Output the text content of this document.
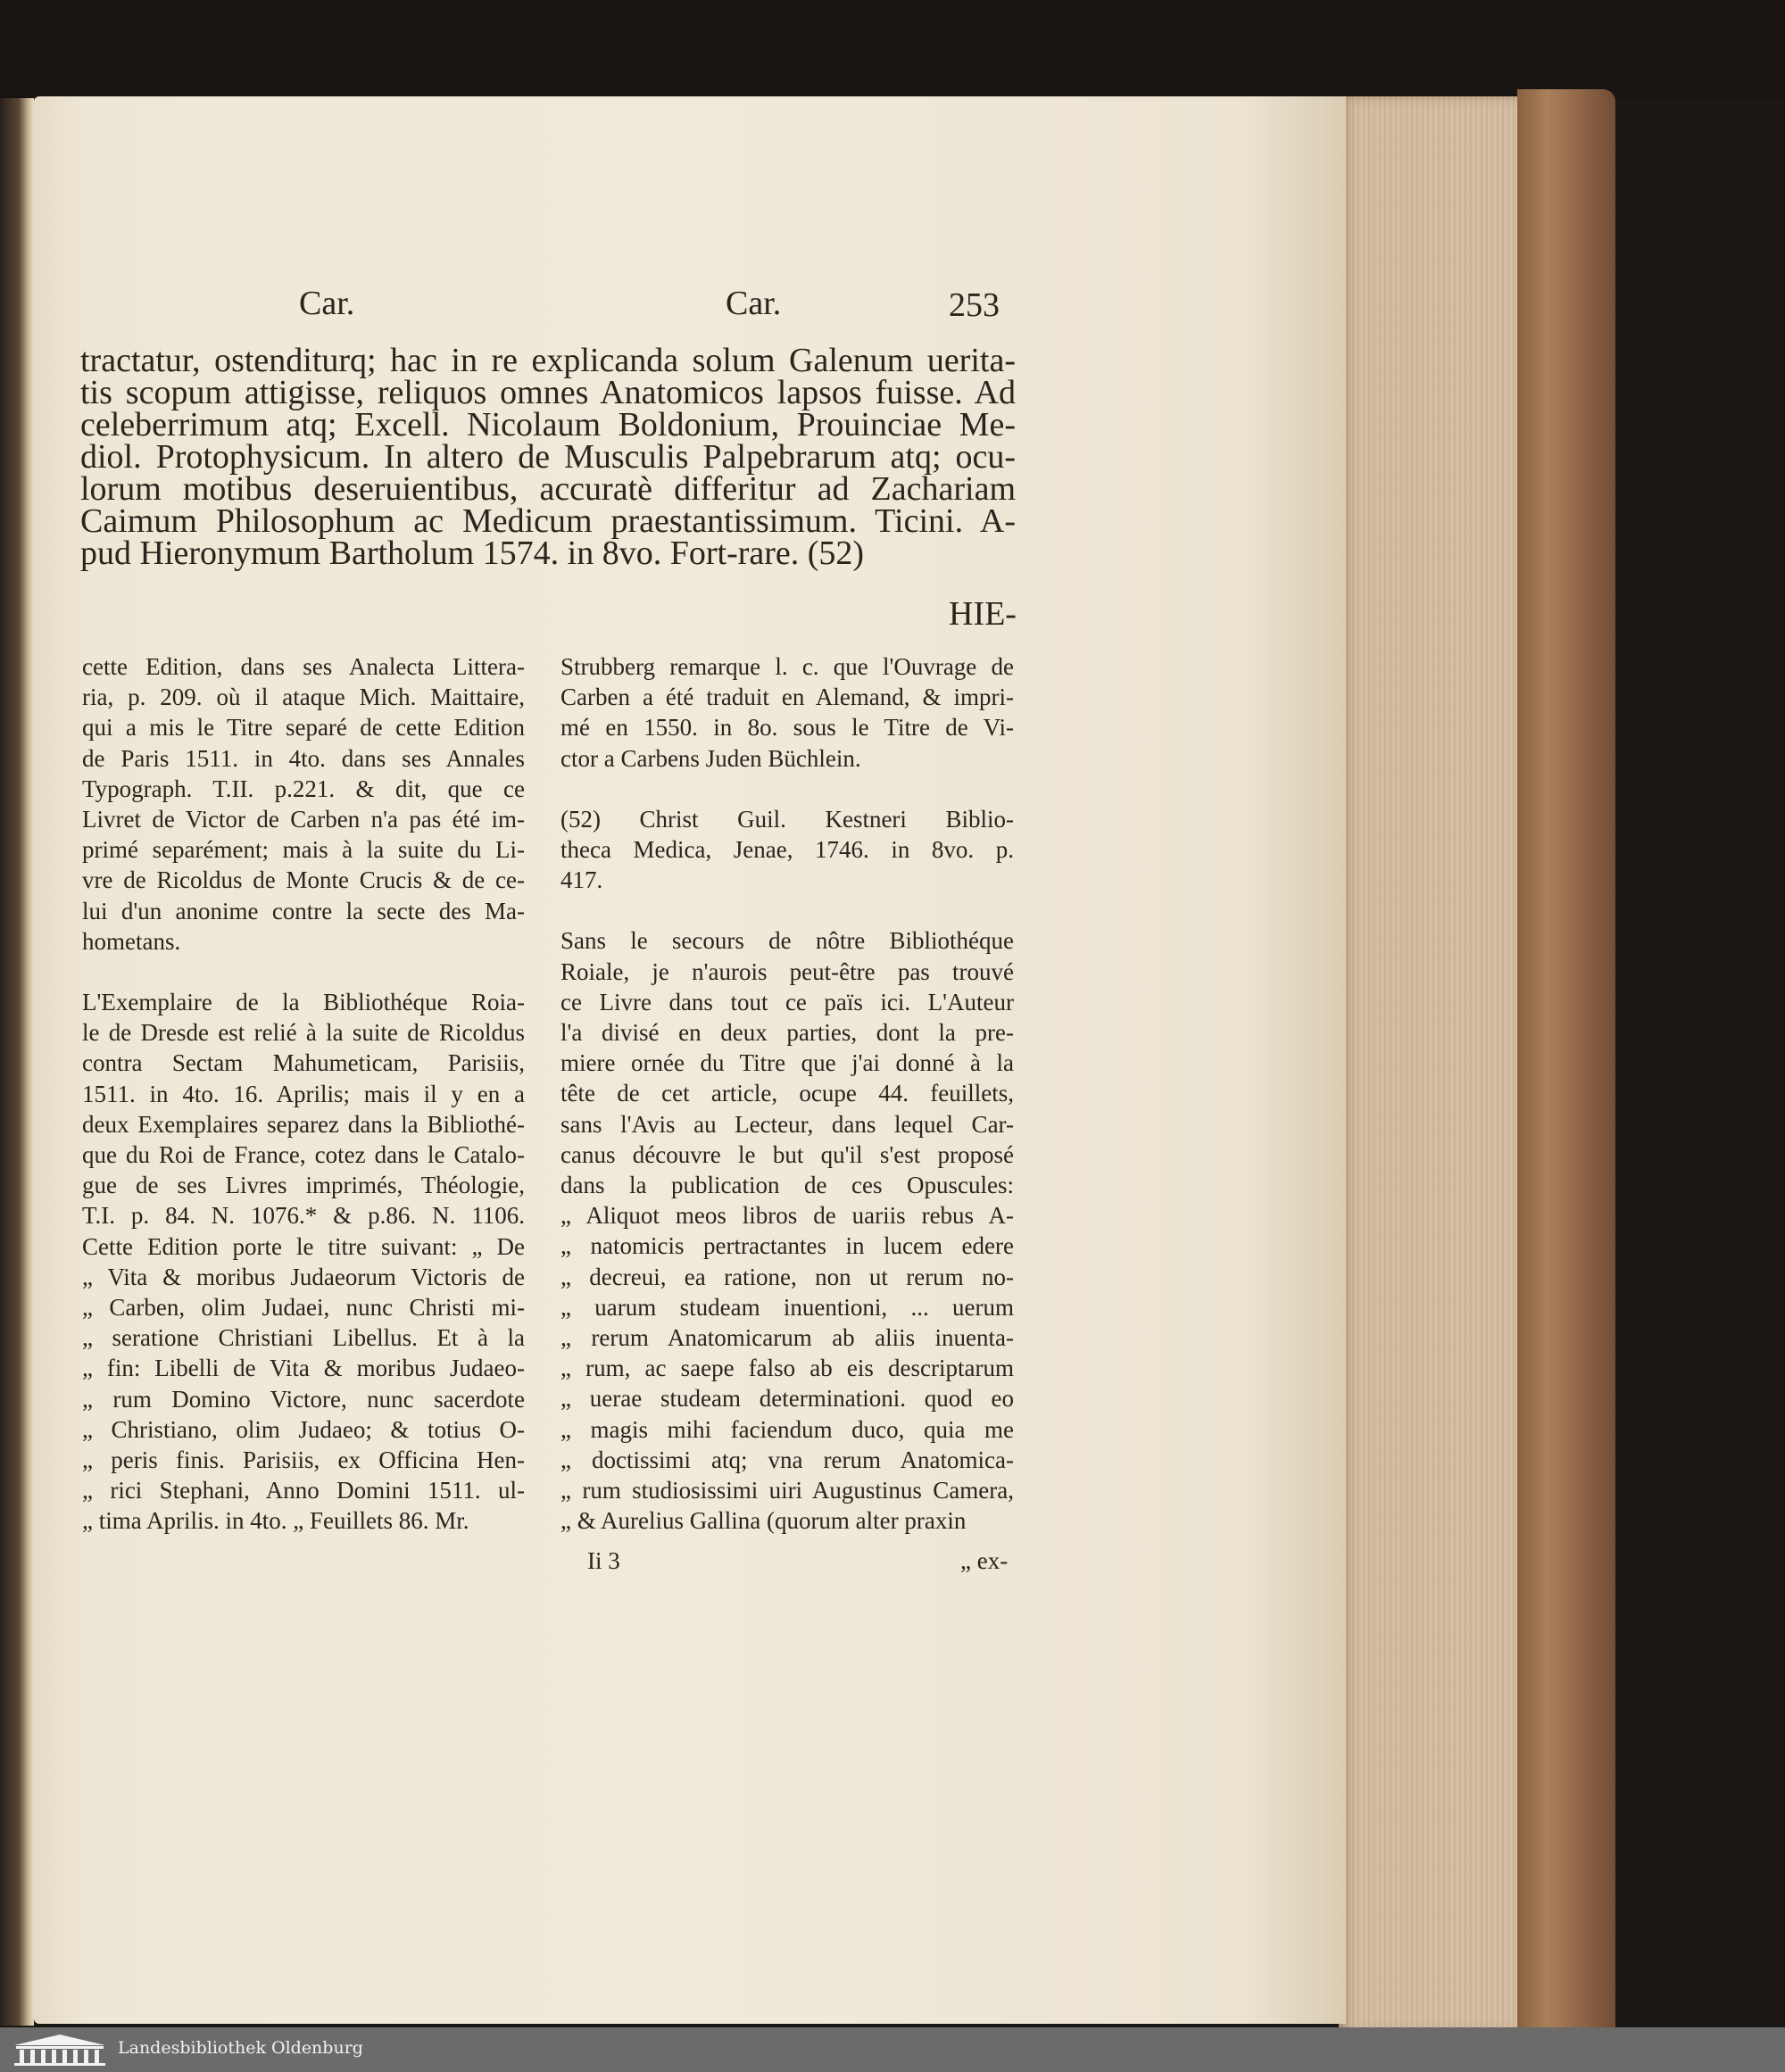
Car.	Car.	253
tractatur, ostenditurq; hac in re explicanda solum Galenum uerita-
tis scopum attigisse, reliquos omnes Anatomicos lapsos fuisse. Ad
celeberrimum atq; Excell. Nicolaum Boldonium, Prouinciae Me-
diol. Protophysicum. In altero de Musculis Palpebrarum atq; ocu-
lorum motibus deseruientibus, accuratè differitur ad Zachariam
Caimum Philosophum ac Medicum praestantissimum. Ticini. A-
pud Hieronymum Bartholum 1574. in 8vo. Fort-rare. (52)
HIE-
cette Edition, dans ses Analecta Littera-
ria, p. 209. où il ataque Mich. Maittaire,
qui a mis le Titre separé de cette Edition
de Paris 1511. in 4to. dans ses Annales
Typograph. T.II. p.221. & dit, que ce
Livret de Victor de Carben n'a pas été im-
primé separément; mais à la suite du Li-
vre de Ricoldus de Monte Crucis & de ce-
lui d'un anonime contre la secte des Ma-
hometans.
L'Exemplaire de la Bibliothéque Roia-
le de Dresde est relié à la suite de Ricoldus
contra Sectam Mahumeticam, Parisiis,
1511. in 4to. 16. Aprilis; mais il y en a
deux Exemplaires separez dans la Bibliothé-
que du Roi de France, cotez dans le Catalo-
gue de ses Livres imprimés, Théologie,
T.I. p. 84. N. 1076.* & p.86. N. 1106.
Cette Edition porte le titre suivant: „ De
„ Vita & moribus Judaeorum Victoris de
„ Carben, olim Judaei, nunc Christi mi-
„ seratione Christiani Libellus. Et à la
„ fin: Libelli de Vita & moribus Judaeo-
„ rum Domino Victore, nunc sacerdote
„ Christiano, olim Judaeo; & totius O-
„ peris finis. Parisiis, ex Officina Hen-
„ rici Stephani, Anno Domini 1511. ul-
„ tima Aprilis. in 4to. „ Feuillets 86. Mr.
Strubberg remarque l. c. que l'Ouvrage de
Carben a été traduit en Alemand, & impri-
mé en 1550. in 8o. sous le Titre de Vi-
ctor a Carbens Juden Büchlein.
(52) Christ Guil. Kestneri Biblio-
theca Medica, Jenae, 1746. in 8vo. p.
417.
Sans le secours de nôtre Bibliothéque
Roiale, je n'aurois peut-être pas trouvé
ce Livre dans tout ce païs ici. L'Auteur
l'a divisé en deux parties, dont la pre-
miere ornée du Titre que j'ai donné à la
tête de cet article, ocupe 44. feuillets,
sans l'Avis au Lecteur, dans lequel Car-
canus découvre le but qu'il s'est proposé
dans la publication de ces Opuscules:
„ Aliquot meos libros de uariis rebus A-
„ natomicis pertractantes in lucem edere
„ decreui, ea ratione, non ut rerum no-
„ uarum studeam inuentioni, ... uerum
„ rerum Anatomicarum ab aliis inuenta-
„ rum, ac saepe falso ab eis descriptarum
„ uerae studeam determinationi. quod eo
„ magis mihi faciendum duco, quia me
„ doctissimi atq; vna rerum Anatomica-
„ rum studiosissimi uiri Augustinus Camera,
„ & Aurelius Gallina (quorum alter praxin
Ii 3	„ ex-
Landesbibliothek Oldenburg
